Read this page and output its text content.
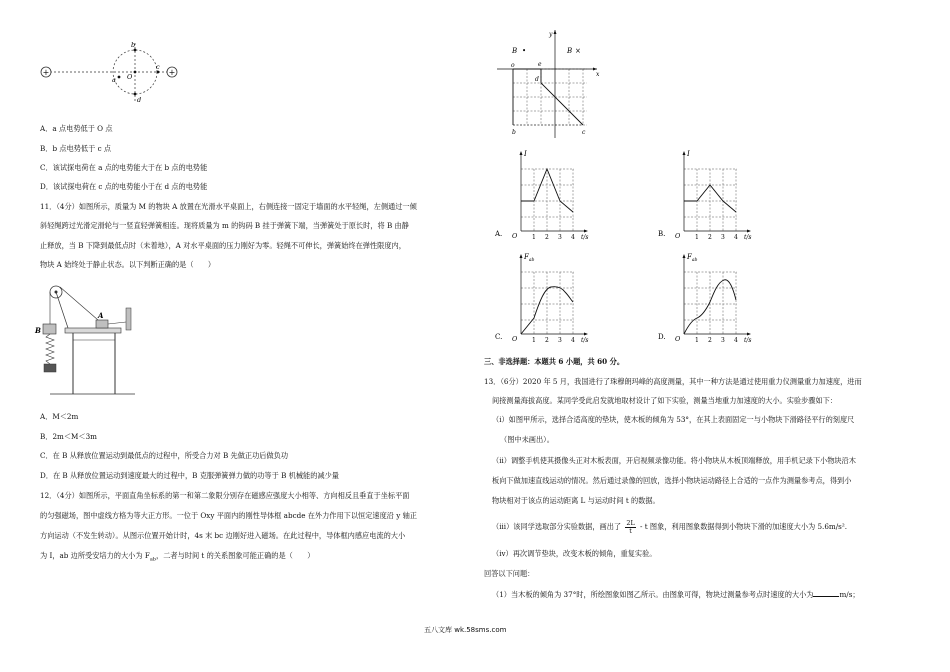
+	+
a
b
c
d
O
A．a 点电势低于 O 点
B．b 点电势低于 c 点
C．该试探电荷在 a 点的电势能大于在 b 点的电势能
D．该试探电荷在 c 点的电势能小于在 d 点的电势能
11．（4分）如图所示，质量为 M 的物块 A 放置在光滑水平桌面上，右侧连接一固定于墙面的水平轻绳，左侧通过一倾
斜轻绳跨过光滑定滑轮与一竖直轻弹簧相连。现将质量为 m 的钩码 B 挂于弹簧下端，当弹簧处于原长时，将 B 由静
止释放，当 B 下降到最低点时（未着地），A 对水平桌面的压力刚好为零。轻绳不可伸长，弹簧始终在弹性限度内，
物块 A 始终处于静止状态。以下判断正确的是（　　）
A
B
A．M＜2m
B．2m＜M＜3m
C．在 B 从释放位置运动到最低点的过程中，所受合力对 B 先做正功后做负功
D．在 B 从释放位置运动到速度最大的过程中，B 克服弹簧弹力做的功等于 B 机械能的减少量
12．（4分）如图所示，平面直角坐标系的第一和第二象限分别存在磁感应强度大小相等、方向相反且垂直于坐标平面
的匀强磁场，图中虚线方格为等大正方形。一位于 Oxy 平面内的刚性导体框 abcde 在外力作用下以恒定速度沿 y 轴正
方向运动（不发生转动）。从图示位置开始计时，4s 末 bc 边刚好进入磁场。在此过程中，导体框内感应电流的大小
为 I，ab 边所受安培力的大小为 $F_{ab}$，二者与时间 t 的关系图象可能正确的是（　　）
y
x
o	e
d
b	c
B •	B ×
A.
I
O 1 2 3 4 t/s	B.
I
O 1 2 3 4 t/s
C.
$F_{ab}$
O 1 2 3 4 t/s	D.
$F_{ab}$
O 1 2 3 4 t/s
三、非选择题：本题共 6 小题，共 60 分。
13．（6分）2020 年 5 月，我国进行了珠穆朗玛峰的高度测量，其中一种方法是通过使用重力仪测量重力加速度，进而
间接测量海拔高度。某同学受此启发就地取材设计了如下实验，测量当地重力加速度的大小。实验步骤如下：
（i）如图甲所示，选择合适高度的垫块，使木板的倾角为 53°，在其上表面固定一与小物块下滑路径平行的刻度尺
（图中未画出）。
（ii）调整手机使其摄像头正对木板表面，开启视频录像功能。将小物块从木板顶端释放，用手机记录下小物块沿木
板向下做加速直线运动的情况。然后通过录像的回放，选择小物块运动路径上合适的一点作为测量参考点，得到小
物块相对于该点的运动距离 L 与运动时间 t 的数据。
（iii）该同学选取部分实验数据，画出了 $\frac{2L}{t}$ - t 图象，利用图象数据得到小物块下滑的加速度大小为 5.6m/s².
（iv）再次调节垫块，改变木板的倾角，重复实验。
回答以下问题：
（1）当木板的倾角为 37°时，所绘图象如图乙所示。由图象可得，物块过测量参考点时速度的大小为	m/s；
五八文库 wk.58sms.com
